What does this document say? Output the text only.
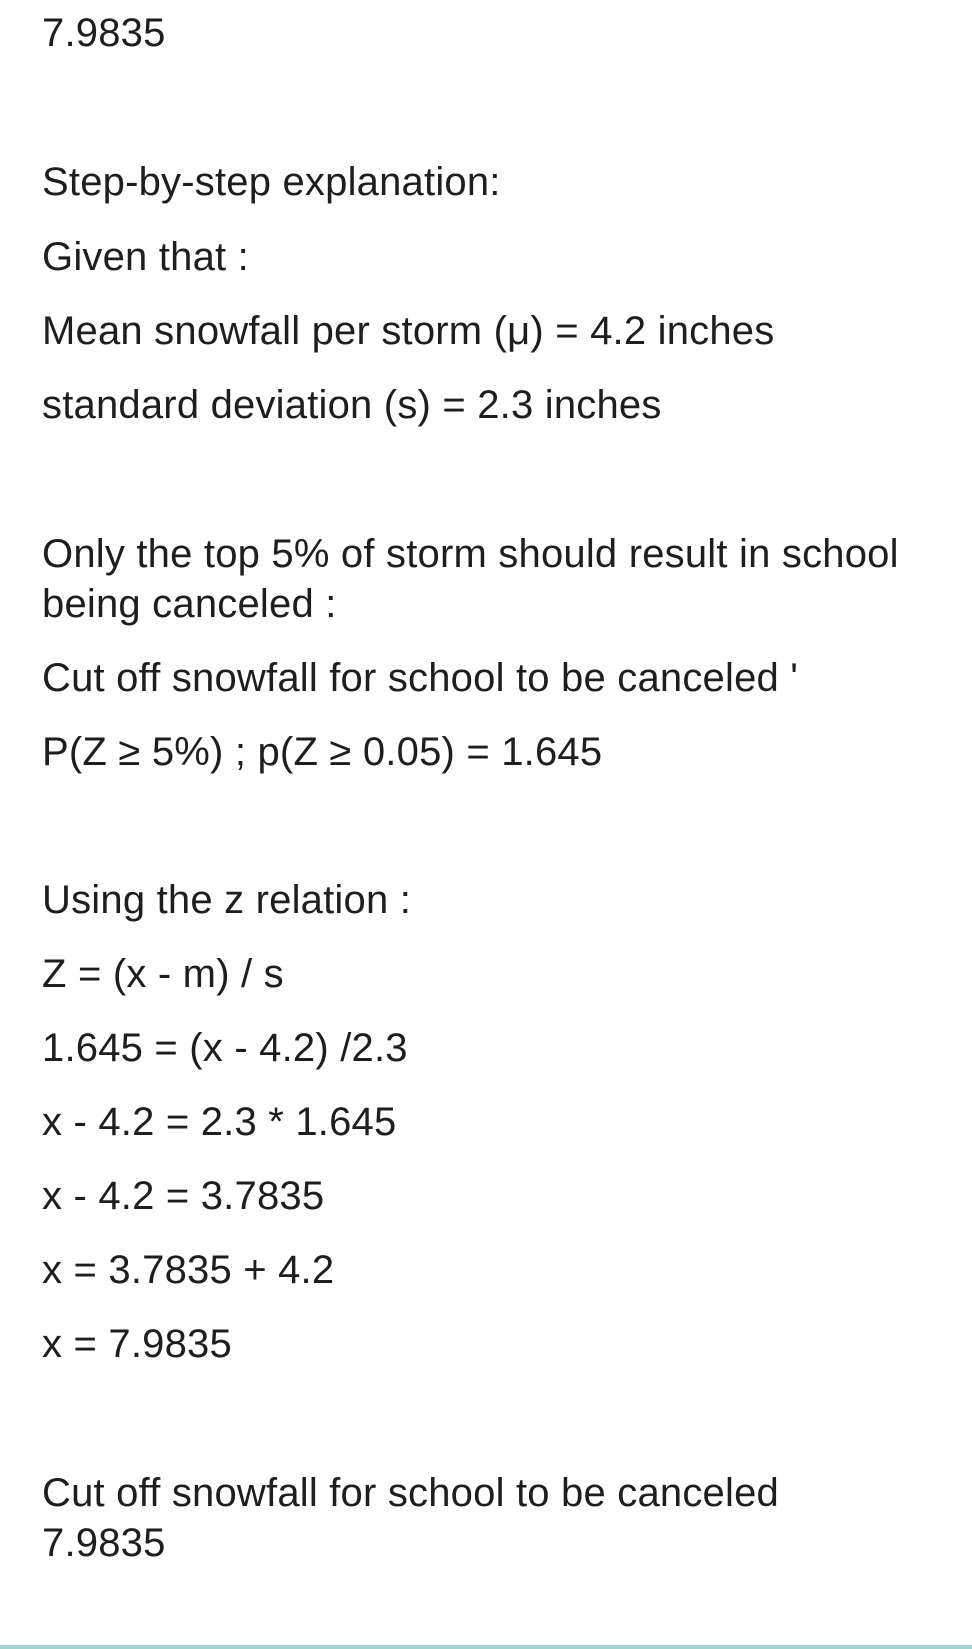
7.9835
Step-by-step explanation:
Given that :
Mean snowfall per storm (μ) = 4.2 inches
standard deviation (s) = 2.3 inches
Only the top 5% of storm should result in school
being canceled :
Cut off snowfall for school to be canceled '
P(Z ≥ 5%) ; p(Z ≥ 0.05) = 1.645
Using the z relation :
Z = (x - m) / s
1.645 = (x - 4.2) /2.3
x - 4.2 = 2.3 * 1.645
x - 4.2 = 3.7835
x = 3.7835 + 4.2
x = 7.9835
Cut off snowfall for school to be canceled
7.9835
